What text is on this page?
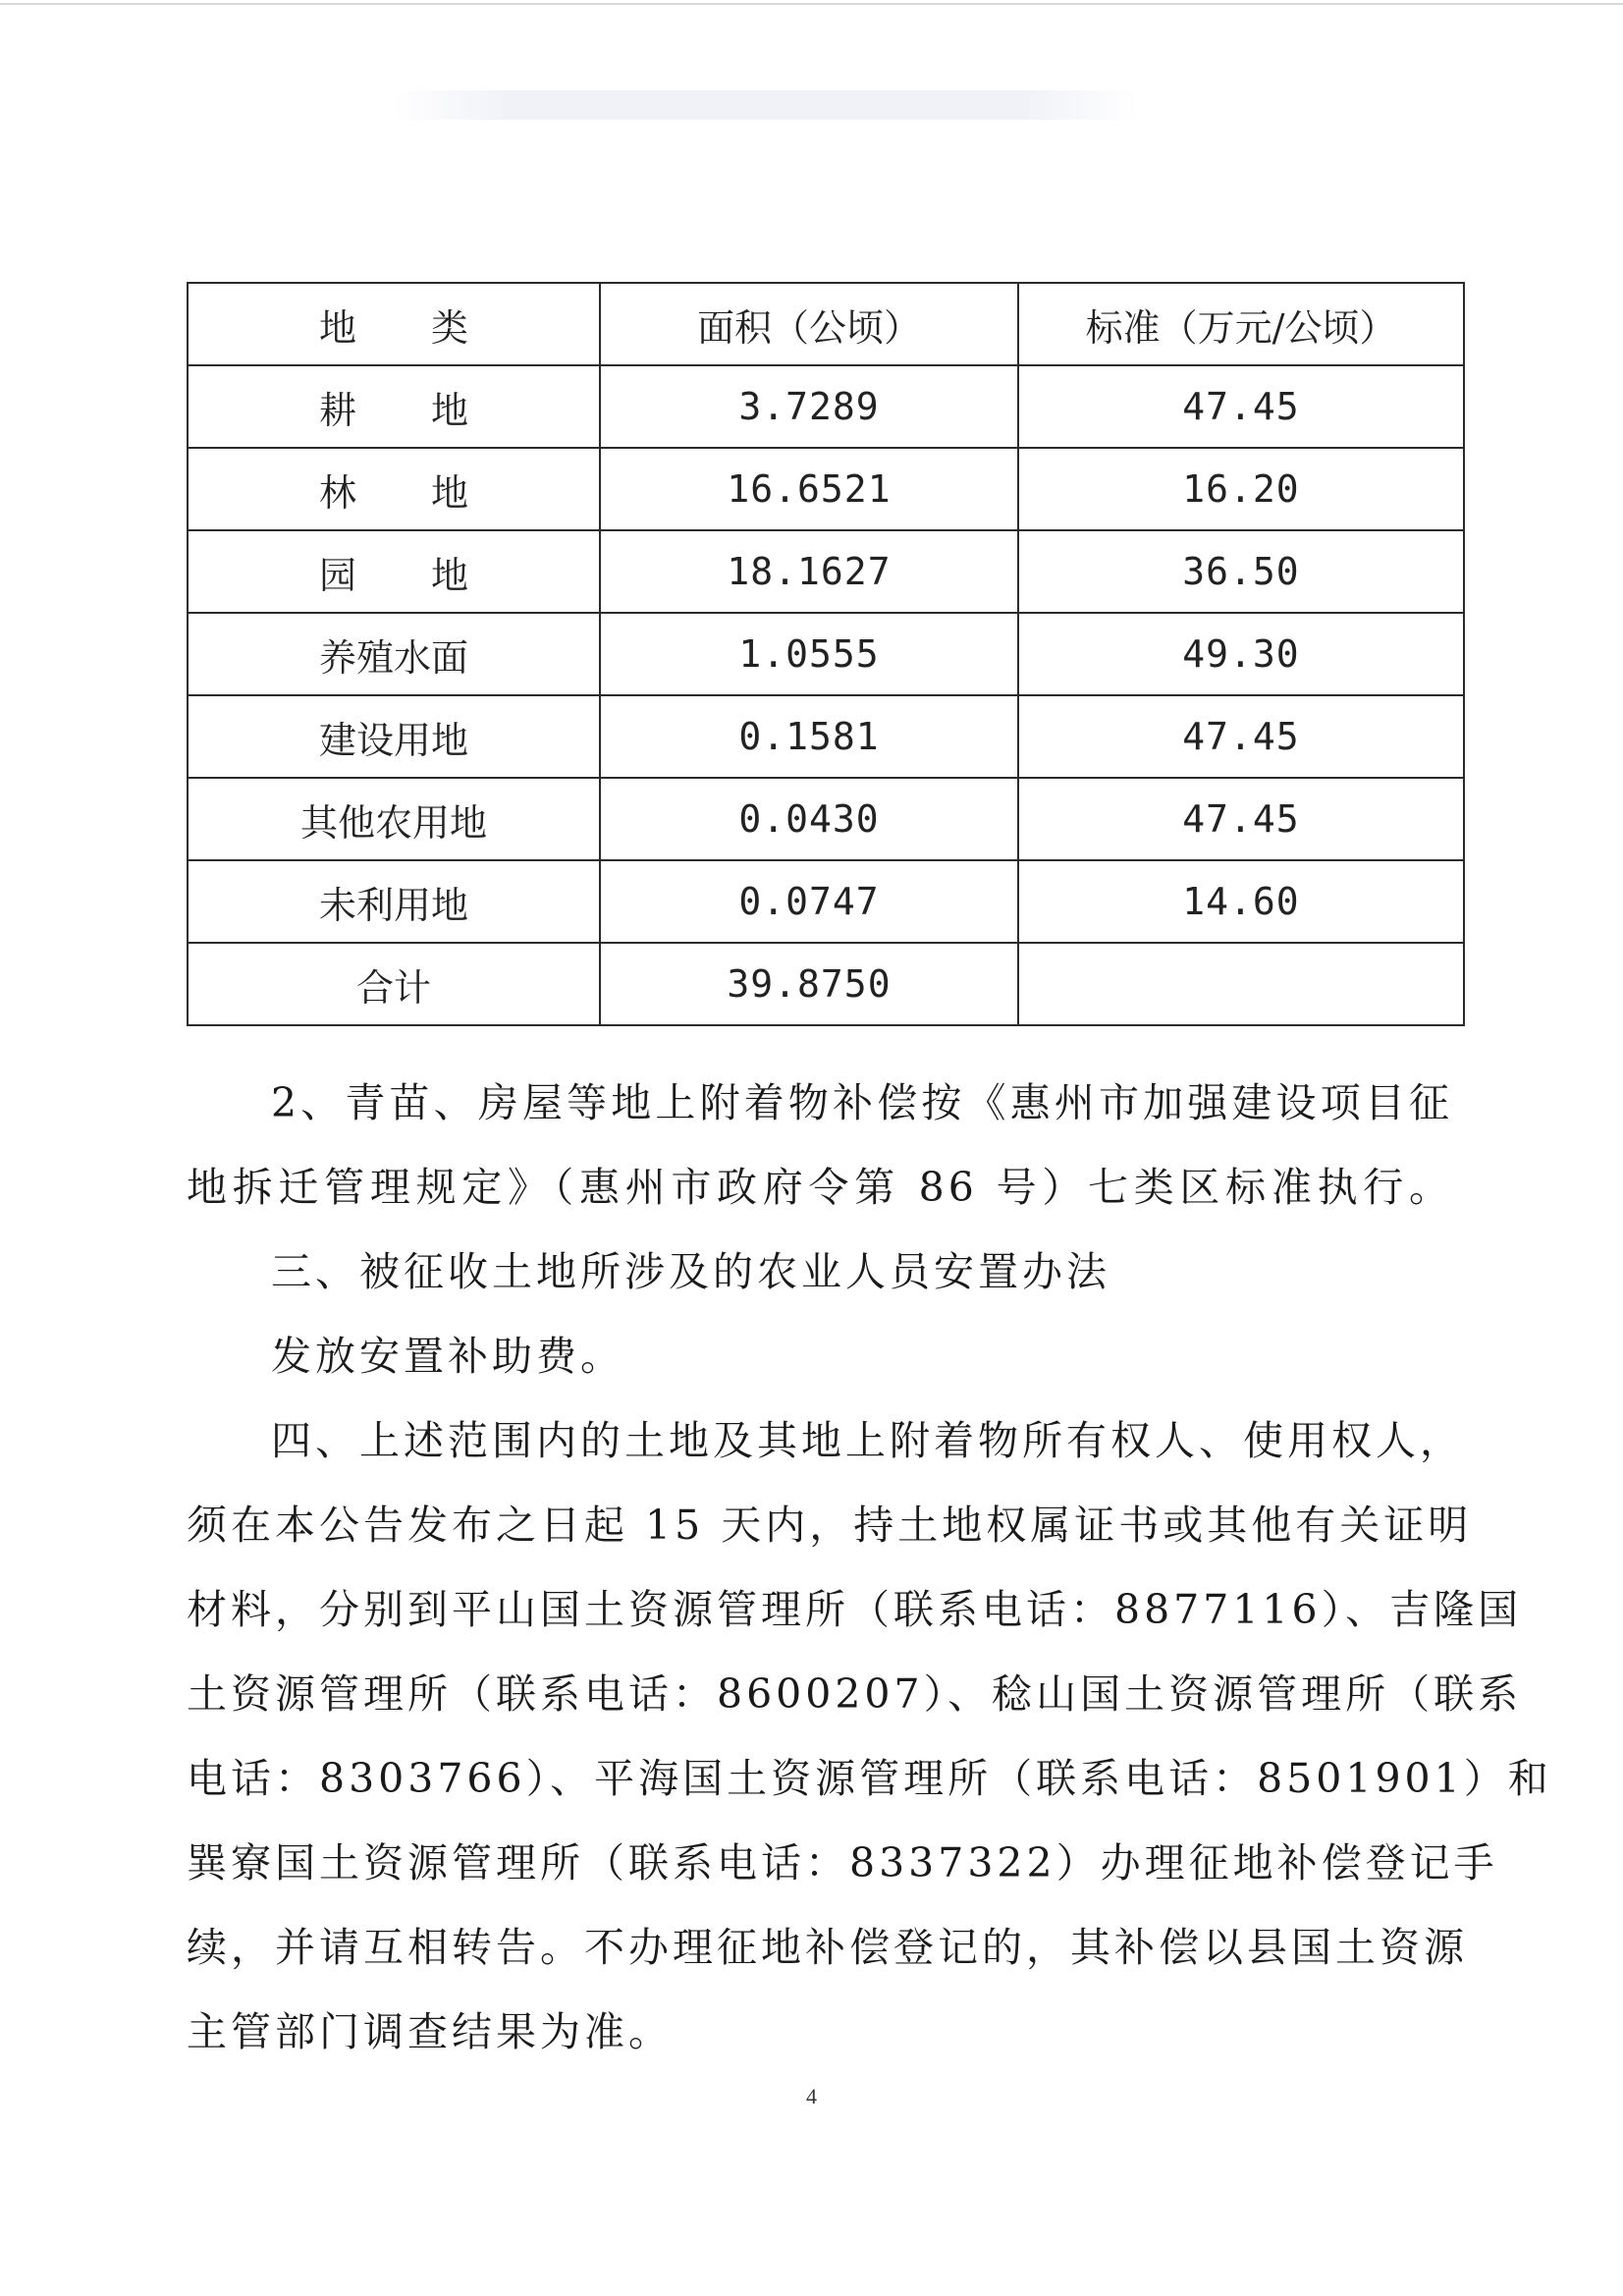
地　　类	面积（公顷）	标准（万元/公顷）
耕　　地	3.7289	47.45
林　　地	16.6521	16.20
园　　地	18.1627	36.50
养殖水面	1.0555	49.30
建设用地	0.1581	47.45
其他农用地	0.0430	47.45
未利用地	0.0747	14.60
合计	39.8750	
2、青苗、房屋等地上附着物补偿按《惠州市加强建设项目征
地拆迁管理规定》（惠州市政府令第 86 号）七类区标准执行。
三、被征收土地所涉及的农业人员安置办法
发放安置补助费。
四、上述范围内的土地及其地上附着物所有权人、使用权人，
须在本公告发布之日起 15 天内，持土地权属证书或其他有关证明
材料，分别到平山国土资源管理所（联系电话：8877116）、吉隆国
土资源管理所（联系电话：8600207）、稔山国土资源管理所（联系
电话：8303766）、平海国土资源管理所（联系电话：8501901）和
巽寮国土资源管理所（联系电话：8337322）办理征地补偿登记手
续，并请互相转告。不办理征地补偿登记的，其补偿以县国土资源
主管部门调查结果为准。
4
